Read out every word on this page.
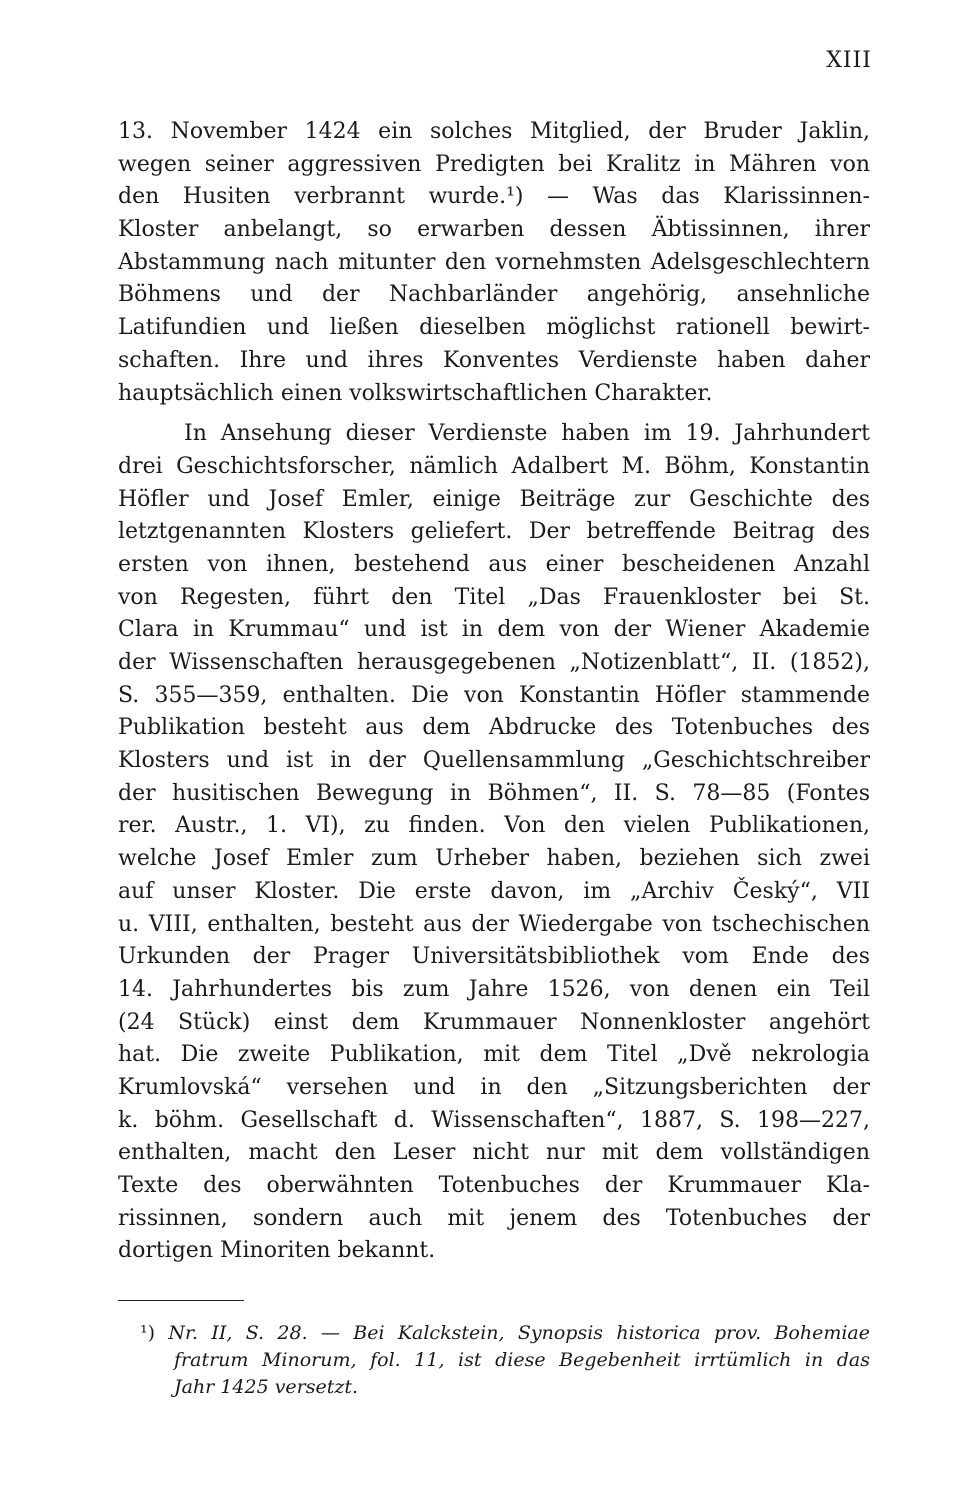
XIII
13. November 1424 ein solches Mitglied, der Bruder Jaklin,
wegen seiner aggressiven Predigten bei Kralitz in Mähren von
den Husiten verbrannt wurde.¹) — Was das Klarissinnen-
Kloster anbelangt, so erwarben dessen Äbtissinnen, ihrer
Abstammung nach mitunter den vornehmsten Adelsgeschlechtern
Böhmens und der Nachbarländer angehörig, ansehnliche
Latifundien und ließen dieselben möglichst rationell bewirt-
schaften. Ihre und ihres Konventes Verdienste haben daher
hauptsächlich einen volkswirtschaftlichen Charakter.
In Ansehung dieser Verdienste haben im 19. Jahrhundert
drei Geschichtsforscher, nämlich Adalbert M. Böhm, Konstantin
Höfler und Josef Emler, einige Beiträge zur Geschichte des
letztgenannten Klosters geliefert. Der betreffende Beitrag des
ersten von ihnen, bestehend aus einer bescheidenen Anzahl
von Regesten, führt den Titel „Das Frauenkloster bei St.
Clara in Krummau“ und ist in dem von der Wiener Akademie
der Wissenschaften herausgegebenen „Notizenblatt“, II. (1852),
S. 355—359, enthalten. Die von Konstantin Höfler stammende
Publikation besteht aus dem Abdrucke des Totenbuches des
Klosters und ist in der Quellensammlung „Geschichtschreiber
der husitischen Bewegung in Böhmen“, II. S. 78—85 (Fontes
rer. Austr., 1. VI), zu finden. Von den vielen Publikationen,
welche Josef Emler zum Urheber haben, beziehen sich zwei
auf unser Kloster. Die erste davon, im „Archiv Český“, VII
u. VIII, enthalten, besteht aus der Wiedergabe von tschechischen
Urkunden der Prager Universitätsbibliothek vom Ende des
14. Jahrhundertes bis zum Jahre 1526, von denen ein Teil
(24 Stück) einst dem Krummauer Nonnenkloster angehört
hat. Die zweite Publikation, mit dem Titel „Dvě nekrologia
Krumlovská“ versehen und in den „Sitzungsberichten der
k. böhm. Gesellschaft d. Wissenschaften“, 1887, S. 198—227,
enthalten, macht den Leser nicht nur mit dem vollständigen
Texte des oberwähnten Totenbuches der Krummauer Kla-
rissinnen, sondern auch mit jenem des Totenbuches der
dortigen Minoriten bekannt.
¹) Nr. II, S. 28. — Bei Kalckstein, Synopsis historica prov. Bohemiae
fratrum Minorum, fol. 11, ist diese Begebenheit irrtümlich in das
Jahr 1425 versetzt.
